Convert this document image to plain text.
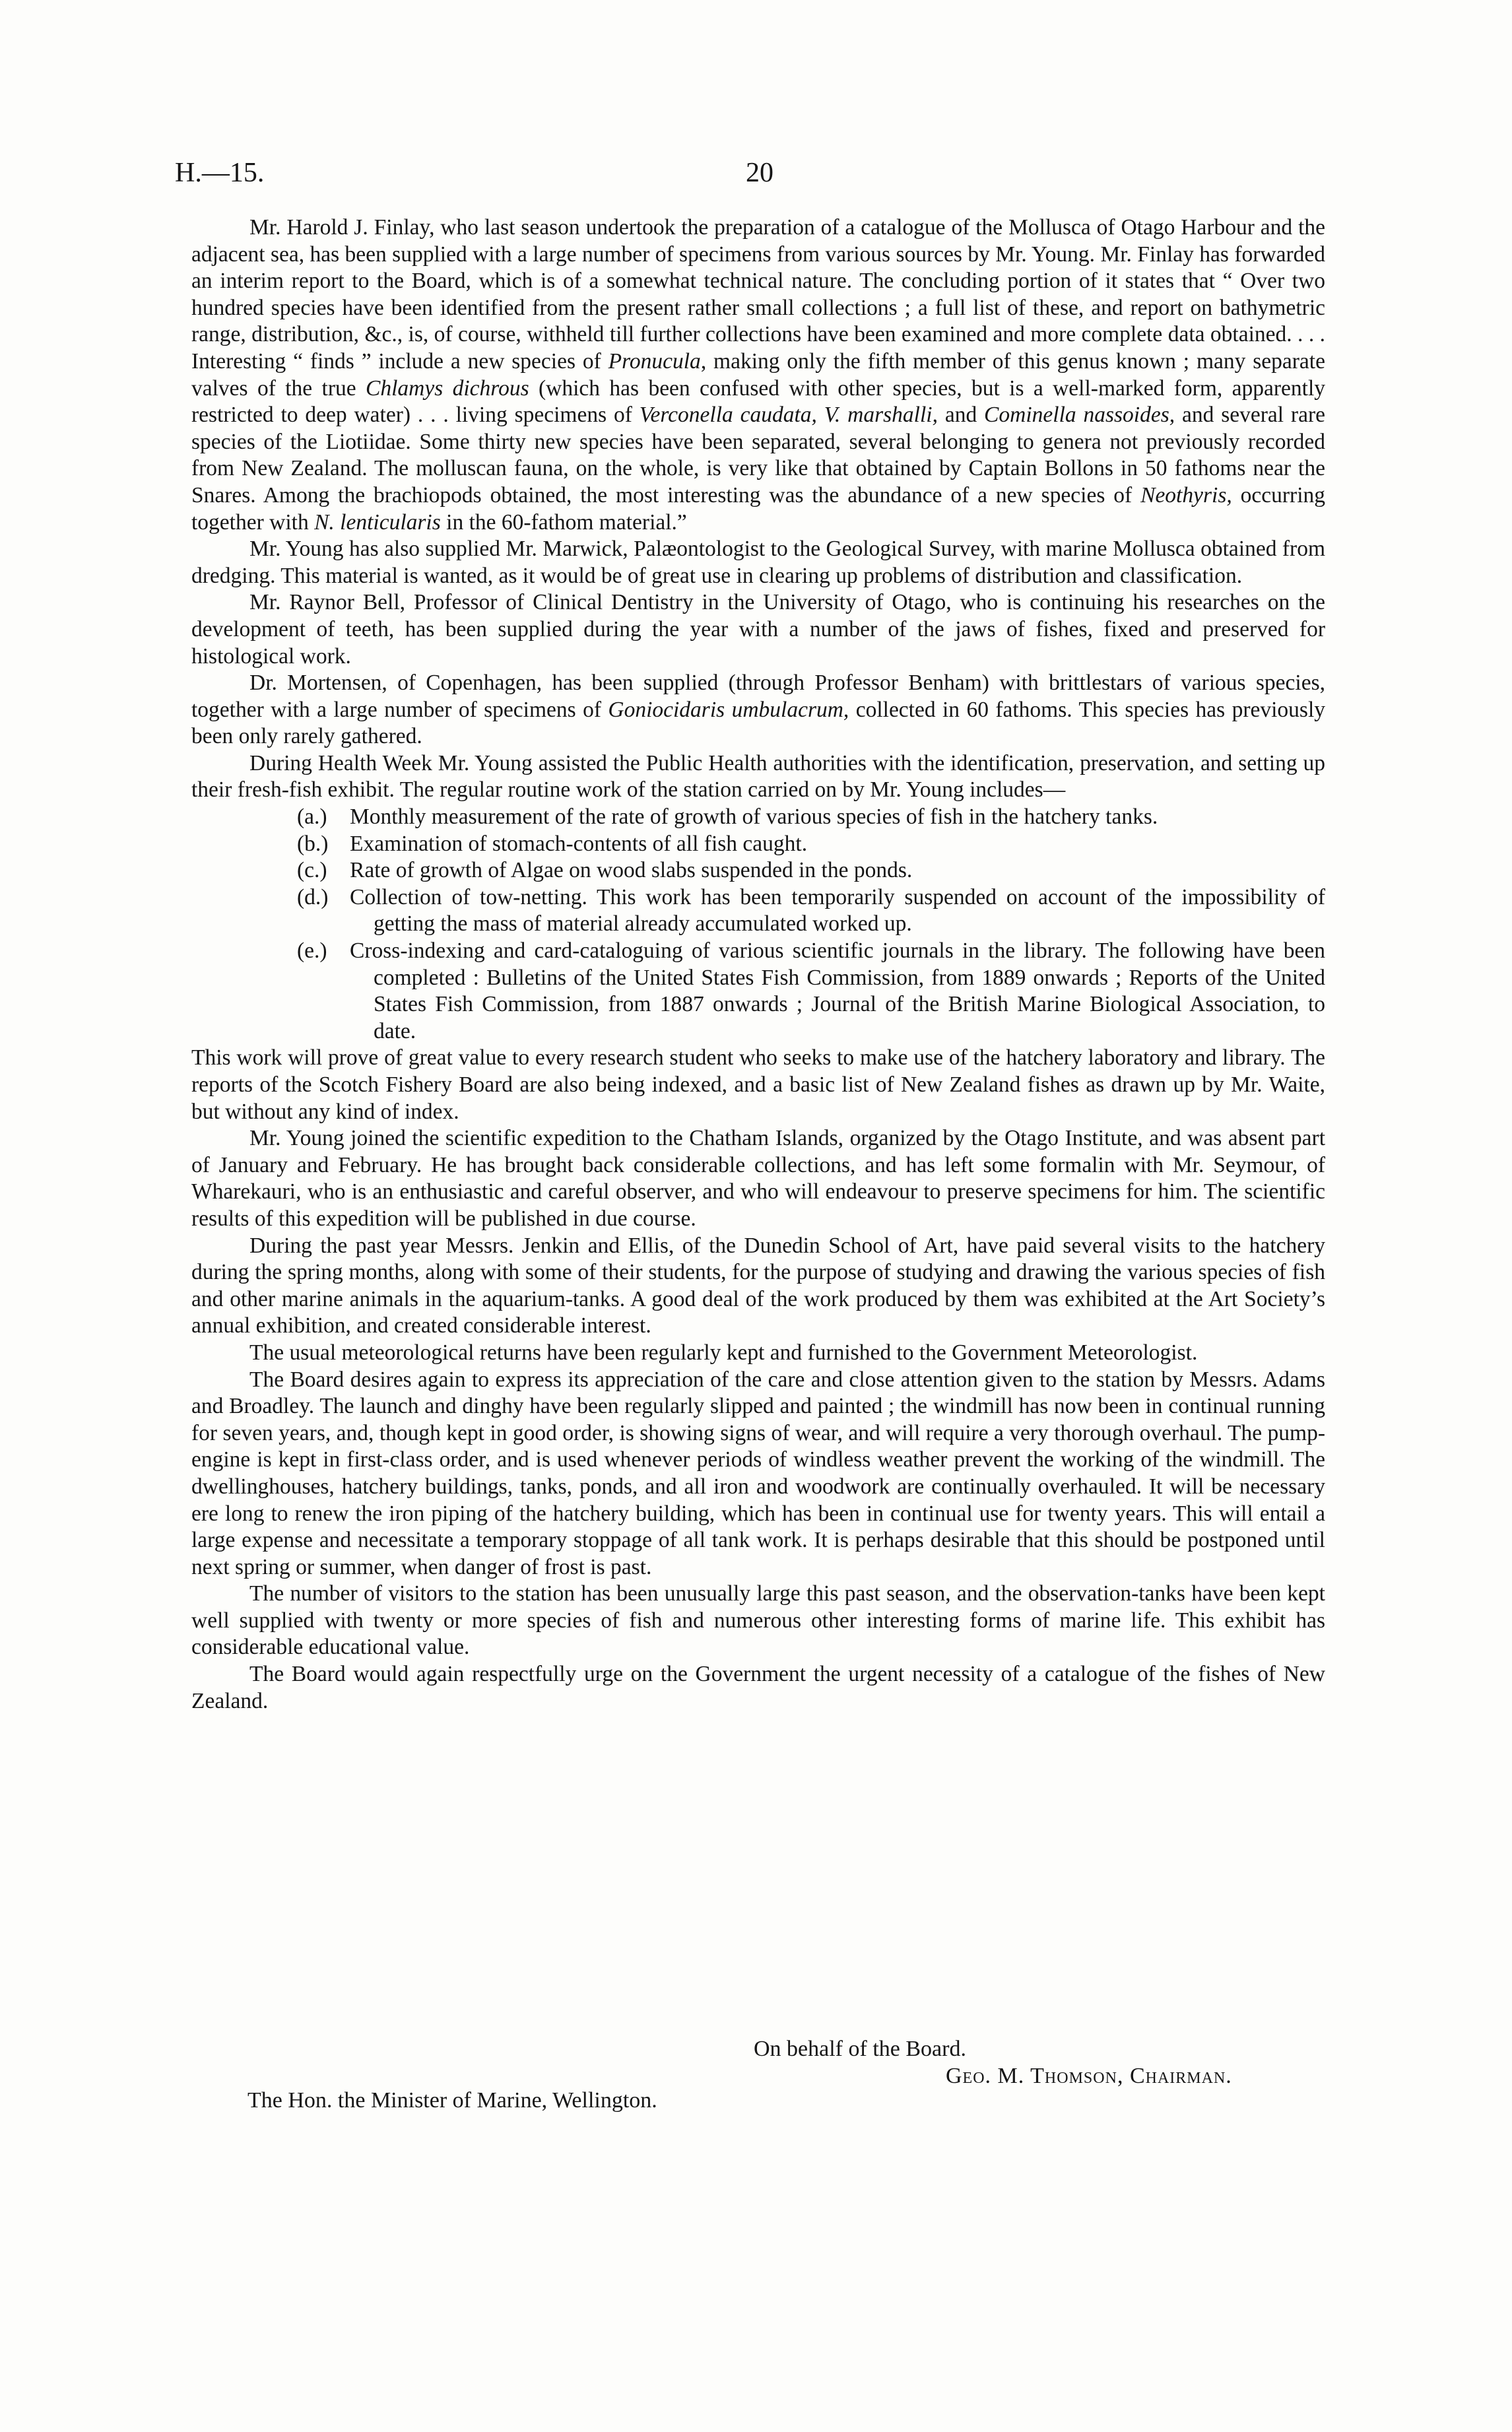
H.—15.	20

Mr. Harold J. Finlay, who last season undertook the preparation of a catalogue of the Mollusca of Otago Harbour and the adjacent sea, has been supplied with a large number of specimens from various sources by Mr. Young. Mr. Finlay has forwarded an interim report to the Board, which is of a somewhat technical nature. The concluding portion of it states that “ Over two hundred species have been identified from the present rather small collections ; a full list of these, and report on bathymetric range, distribution, &c., is, of course, withheld till further collections have been examined and more complete data obtained. . . . Interesting “ finds ” include a new species of Pronucula, making only the fifth member of this genus known ; many separate valves of the true Chlamys dichrous (which has been confused with other species, but is a well-marked form, apparently restricted to deep water) . . . living specimens of Verconella caudata, V. marshalli, and Cominella nassoides, and several rare species of the Liotiidae. Some thirty new species have been separated, several belonging to genera not previously recorded from New Zealand. The molluscan fauna, on the whole, is very like that obtained by Captain Bollons in 50 fathoms near the Snares. Among the brachiopods obtained, the most interesting was the abundance of a new species of Neothyris, occurring together with N. lenticularis in the 60-fathom material.”

Mr. Young has also supplied Mr. Marwick, Palæontologist to the Geological Survey, with marine Mollusca obtained from dredging. This material is wanted, as it would be of great use in clearing up problems of distribution and classification.

Mr. Raynor Bell, Professor of Clinical Dentistry in the University of Otago, who is continuing his researches on the development of teeth, has been supplied during the year with a number of the jaws of fishes, fixed and preserved for histological work.

Dr. Mortensen, of Copenhagen, has been supplied (through Professor Benham) with brittlestars of various species, together with a large number of specimens of Goniocidaris umbulacrum, collected in 60 fathoms. This species has previously been only rarely gathered.

During Health Week Mr. Young assisted the Public Health authorities with the identification, preservation, and setting up their fresh-fish exhibit. The regular routine work of the station carried on by Mr. Young includes—

(a.) Monthly measurement of the rate of growth of various species of fish in the hatchery tanks.
(b.) Examination of stomach-contents of all fish caught.
(c.) Rate of growth of Algae on wood slabs suspended in the ponds.
(d.) Collection of tow-netting. This work has been temporarily suspended on account of the impossibility of getting the mass of material already accumulated worked up.
(e.) Cross-indexing and card-cataloguing of various scientific journals in the library. The following have been completed : Bulletins of the United States Fish Commission, from 1889 onwards ; Reports of the United States Fish Commission, from 1887 onwards ; Journal of the British Marine Biological Association, to date.

This work will prove of great value to every research student who seeks to make use of the hatchery laboratory and library. The reports of the Scotch Fishery Board are also being indexed, and a basic list of New Zealand fishes as drawn up by Mr. Waite, but without any kind of index.

Mr. Young joined the scientific expedition to the Chatham Islands, organized by the Otago Institute, and was absent part of January and February. He has brought back considerable collections, and has left some formalin with Mr. Seymour, of Wharekauri, who is an enthusiastic and careful observer, and who will endeavour to preserve specimens for him. The scientific results of this expedition will be published in due course.

During the past year Messrs. Jenkin and Ellis, of the Dunedin School of Art, have paid several visits to the hatchery during the spring months, along with some of their students, for the purpose of studying and drawing the various species of fish and other marine animals in the aquarium-tanks. A good deal of the work produced by them was exhibited at the Art Society’s annual exhibition, and created considerable interest.

The usual meteorological returns have been regularly kept and furnished to the Government Meteorologist.

The Board desires again to express its appreciation of the care and close attention given to the station by Messrs. Adams and Broadley. The launch and dinghy have been regularly slipped and painted ; the windmill has now been in continual running for seven years, and, though kept in good order, is showing signs of wear, and will require a very thorough overhaul. The pump-engine is kept in first-class order, and is used whenever periods of windless weather prevent the working of the windmill. The dwellinghouses, hatchery buildings, tanks, ponds, and all iron and woodwork are continually overhauled. It will be necessary ere long to renew the iron piping of the hatchery building, which has been in continual use for twenty years. This will entail a large expense and necessitate a temporary stoppage of all tank work. It is perhaps desirable that this should be postponed until next spring or summer, when danger of frost is past.

The number of visitors to the station has been unusually large this past season, and the observation-tanks have been kept well supplied with twenty or more species of fish and numerous other interesting forms of marine life. This exhibit has considerable educational value.

The Board would again respectfully urge on the Government the urgent necessity of a catalogue of the fishes of New Zealand.

On behalf of the Board.
Geo. M. Thomson, Chairman.
The Hon. the Minister of Marine, Wellington.
